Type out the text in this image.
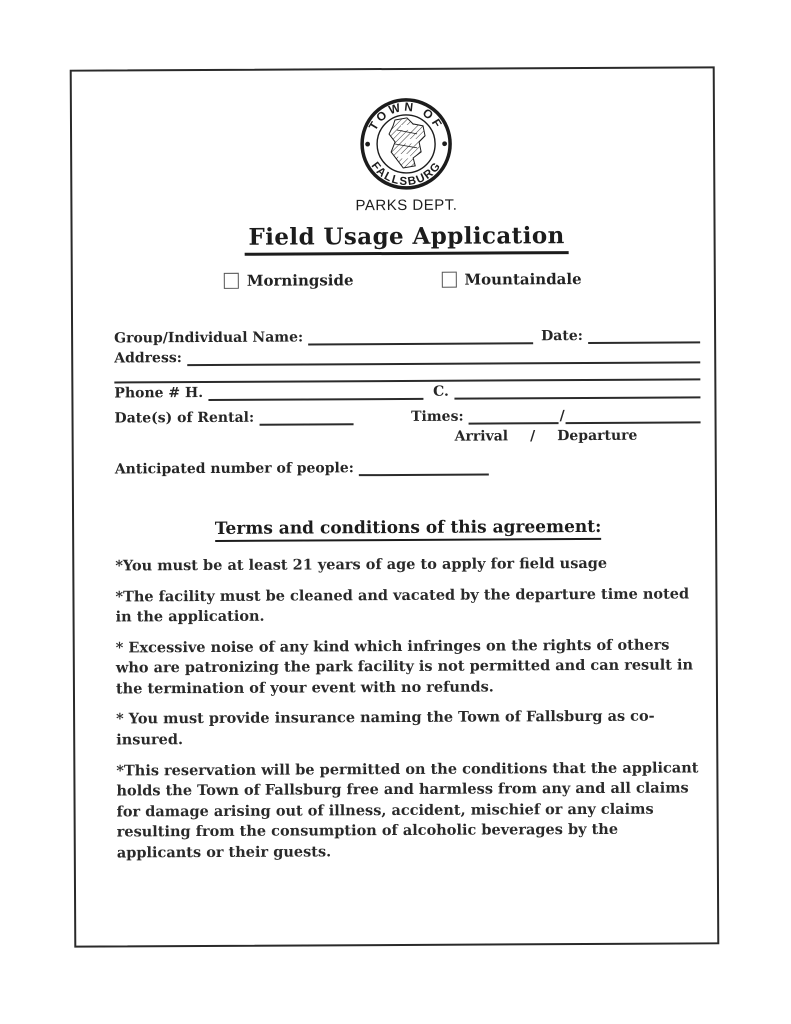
TOWN OF
FALLSBURG
PARKS DEPT.
Field Usage Application
Morningside	Mountaindale
Group/Individual Name:	Date:
Address:
Phone # H.	C.
Date(s) of Rental:	Times:	/
Arrival / Departure
Anticipated number of people:
Terms and conditions of this agreement:

*You must be at least 21 years of age to apply for field usage

*The facility must be cleaned and vacated by the departure time noted in the application.

* Excessive noise of any kind which infringes on the rights of others who are patronizing the park facility is not permitted and can result in the termination of your event with no refunds.

* You must provide insurance naming the Town of Fallsburg as co-insured.

*This reservation will be permitted on the conditions that the applicant holds the Town of Fallsburg free and harmless from any and all claims for damage arising out of illness, accident, mischief or any claims resulting from the consumption of alcoholic beverages by the applicants or their guests.
